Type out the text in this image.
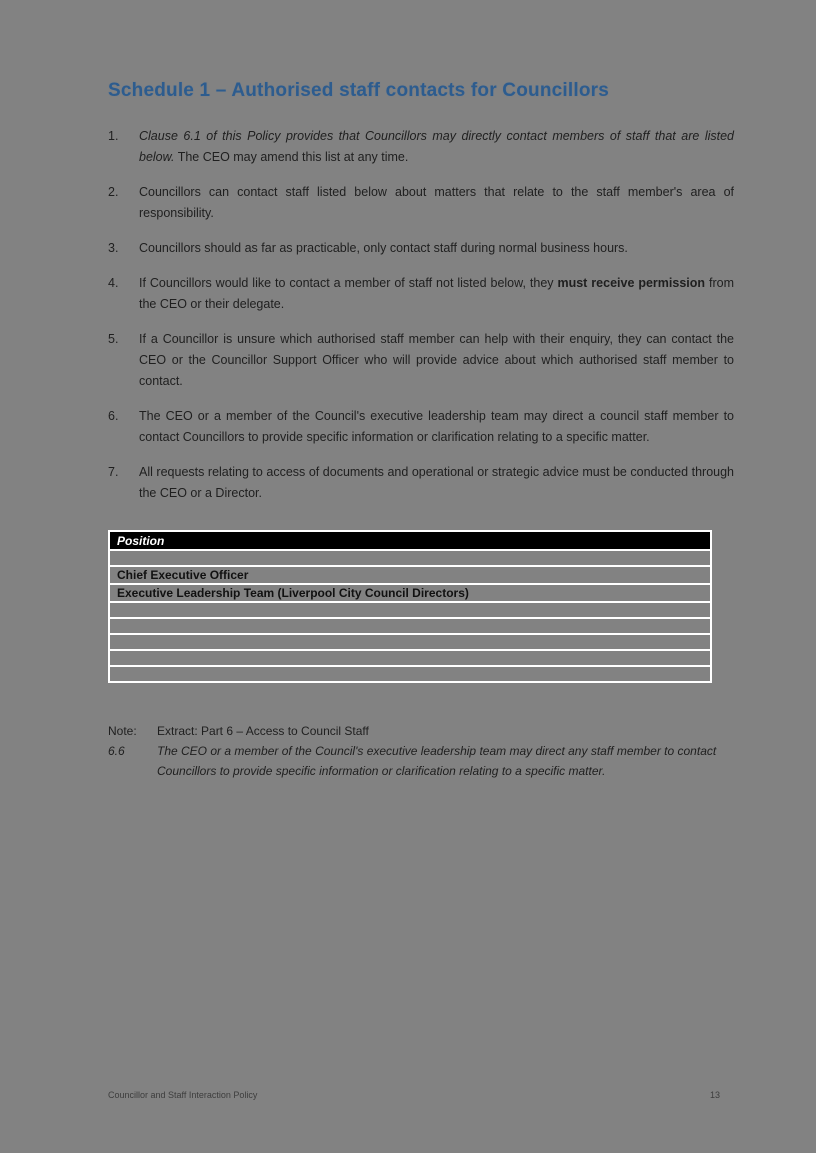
Schedule 1 – Authorised staff contacts for Councillors
1.	Clause 6.1 of this Policy provides that Councillors may directly contact members of staff that are listed below. The CEO may amend this list at any time.
2.	Councillors can contact staff listed below about matters that relate to the staff member's area of responsibility.
3.	Councillors should as far as practicable, only contact staff during normal business hours.
4.	If Councillors would like to contact a member of staff not listed below, they must receive permission from the CEO or their delegate.
5.	If a Councillor is unsure which authorised staff member can help with their enquiry, they can contact the CEO or the Councillor Support Officer who will provide advice about which authorised staff member to contact.
6.	The CEO or a member of the Council's executive leadership team may direct a council staff member to contact Councillors to provide specific information or clarification relating to a specific matter.
7.	All requests relating to access of documents and operational or strategic advice must be conducted through the CEO or a Director.
Position

Chief Executive Officer
Executive Leadership Team (Liverpool City Council Directors)

Note:	Extract: Part 6 – Access to Council Staff
6.6	The CEO or a member of the Council's executive leadership team may direct any staff member to contact Councillors to provide specific information or clarification relating to a specific matter.
Councillor and Staff Interaction Policy	13
